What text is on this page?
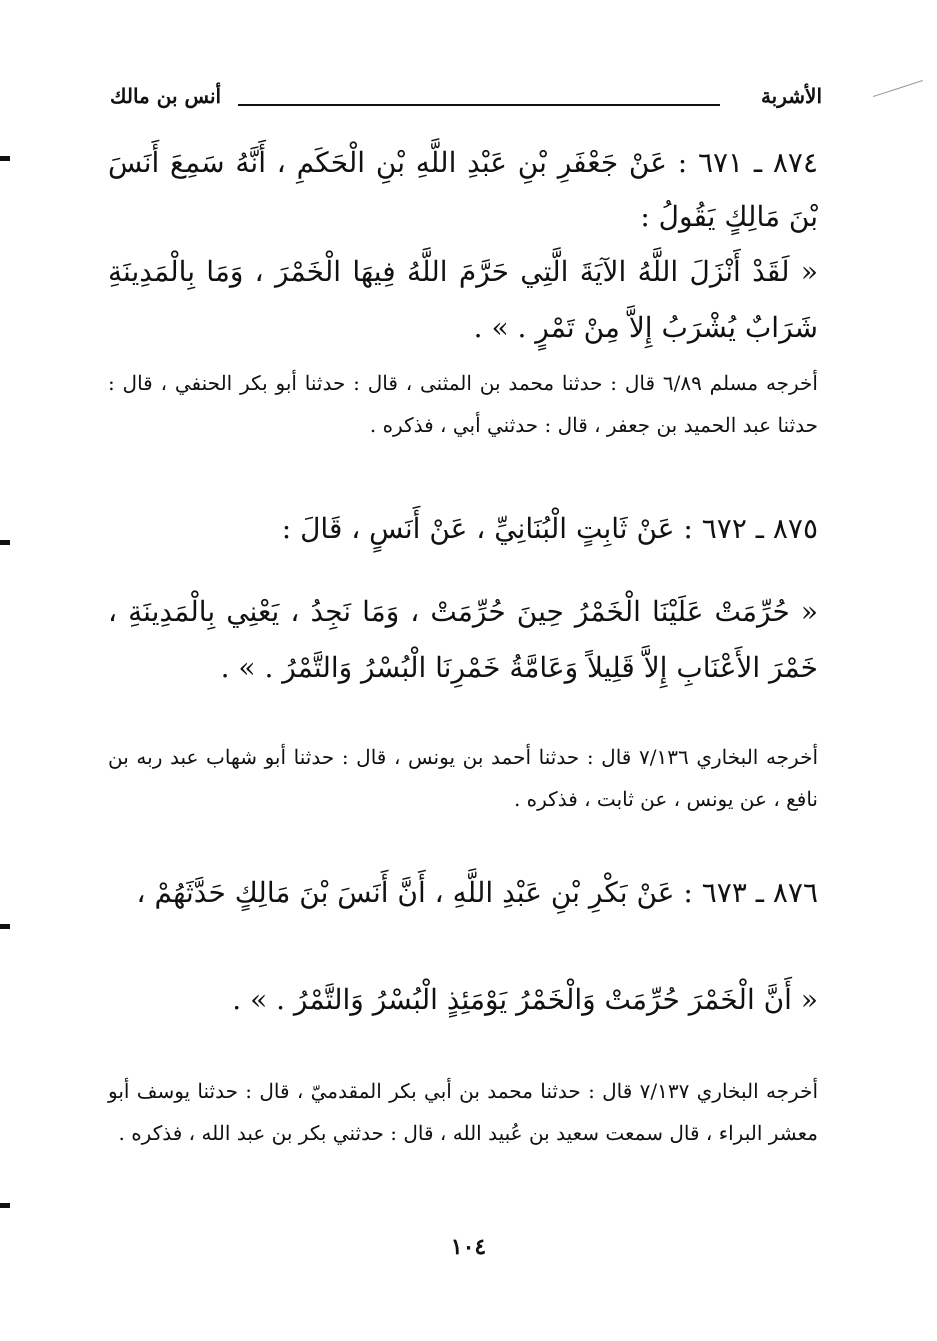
الأشربة
أنس بن مالك
٨٧٤ ـ ٦٧١ : عَنْ جَعْفَرِ بْنِ عَبْدِ اللَّهِ بْنِ الْحَكَمِ ، أَنَّهُ سَمِعَ أَنَسَ بْنَ مَالِكٍ يَقُولُ :
« لَقَدْ أَنْزَلَ اللَّهُ الآيَةَ الَّتِي حَرَّمَ اللَّهُ فِيهَا الْخَمْرَ ، وَمَا بِالْمَدِينَةِ شَرَابٌ يُشْرَبُ إِلاَّ مِنْ تَمْرٍ . » .
أخرجه مسلم ٦/٨٩ قال : حدثنا محمد بن المثنى ، قال : حدثنا أبو بكر الحنفي ، قال : حدثنا عبد الحميد بن جعفر ، قال : حدثني أبي ، فذكره .
٨٧٥ ـ ٦٧٢ : عَنْ ثَابِتٍ الْبُنَانِيِّ ، عَنْ أَنَسٍ ، قَالَ :
« حُرِّمَتْ عَلَيْنَا الْخَمْرُ حِينَ حُرِّمَتْ ، وَمَا نَجِدُ ، يَعْنِي بِالْمَدِينَةِ ، خَمْرَ الأَعْنَابِ إِلاَّ قَلِيلاً وَعَامَّةُ خَمْرِنَا الْبُسْرُ وَالتَّمْرُ . » .
أخرجه البخاري ٧/١٣٦ قال : حدثنا أحمد بن يونس ، قال : حدثنا أبو شهاب عبد ربه بن نافع ، عن يونس ، عن ثابت ، فذكره .
٨٧٦ ـ ٦٧٣ : عَنْ بَكْرِ بْنِ عَبْدِ اللَّهِ ، أَنَّ أَنَسَ بْنَ مَالِكٍ حَدَّثَهُمْ ،
« أَنَّ الْخَمْرَ حُرِّمَتْ وَالْخَمْرُ يَوْمَئِذٍ الْبُسْرُ وَالتَّمْرُ . » .
أخرجه البخاري ٧/١٣٧ قال : حدثنا محمد بن أبي بكر المقدميّ ، قال : حدثنا يوسف أبو معشر البراء ، قال سمعت سعيد بن عُبيد الله ، قال : حدثني بكر بن عبد الله ، فذكره .
١٠٤
